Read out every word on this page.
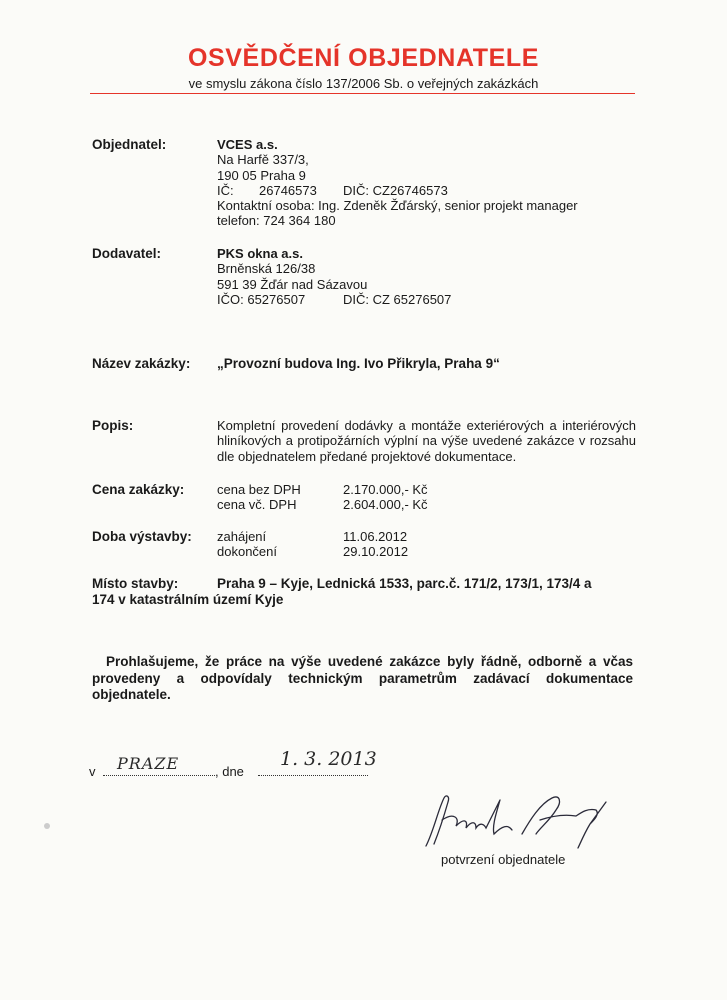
OSVĚDČENÍ OBJEDNATELE
ve smyslu zákona číslo 137/2006 Sb. o veřejných zakázkách
Objednatel:	VCES a.s.
Na Harfě 337/3,
190 05 Praha 9
IČ: 26746573 DIČ: CZ26746573
Kontaktní osoba: Ing. Zdeněk Žďárský, senior projekt manager
telefon: 724 364 180
Dodavatel:	PKS okna a.s.
Brněnská 126/38
591 39 Žďár nad Sázavou
IČO: 65276507	DIČ: CZ 65276507
Název zakázky: „Provozní budova Ing. Ivo Přikryla, Praha 9“
Popis:	Kompletní provedení dodávky a montáže exteriérových a interiérových
hliníkových a protipožárních výplní na výše uvedené zakázce v rozsahu
dle objednatelem předané projektové dokumentace.
Cena zakázky:	cena bez DPH	2.170.000,- Kč
cena vč. DPH	2.604.000,- Kč
Doba výstavby: zahájení	11.06.2012
dokončení	29.10.2012
Místo stavby:	Praha 9 – Kyje, Lednická 1533, parc.č. 171/2, 173/1, 173/4 a
174 v katastrálním území Kyje
Prohlašujeme, že práce na výše uvedené zakázce byly řádně, odborně a včas
provedeny a odpovídaly technickým parametrům zadávací dokumentace
objednatele.
v PRAZE	, dne
1. 3. 2013
potvrzení objednatele
